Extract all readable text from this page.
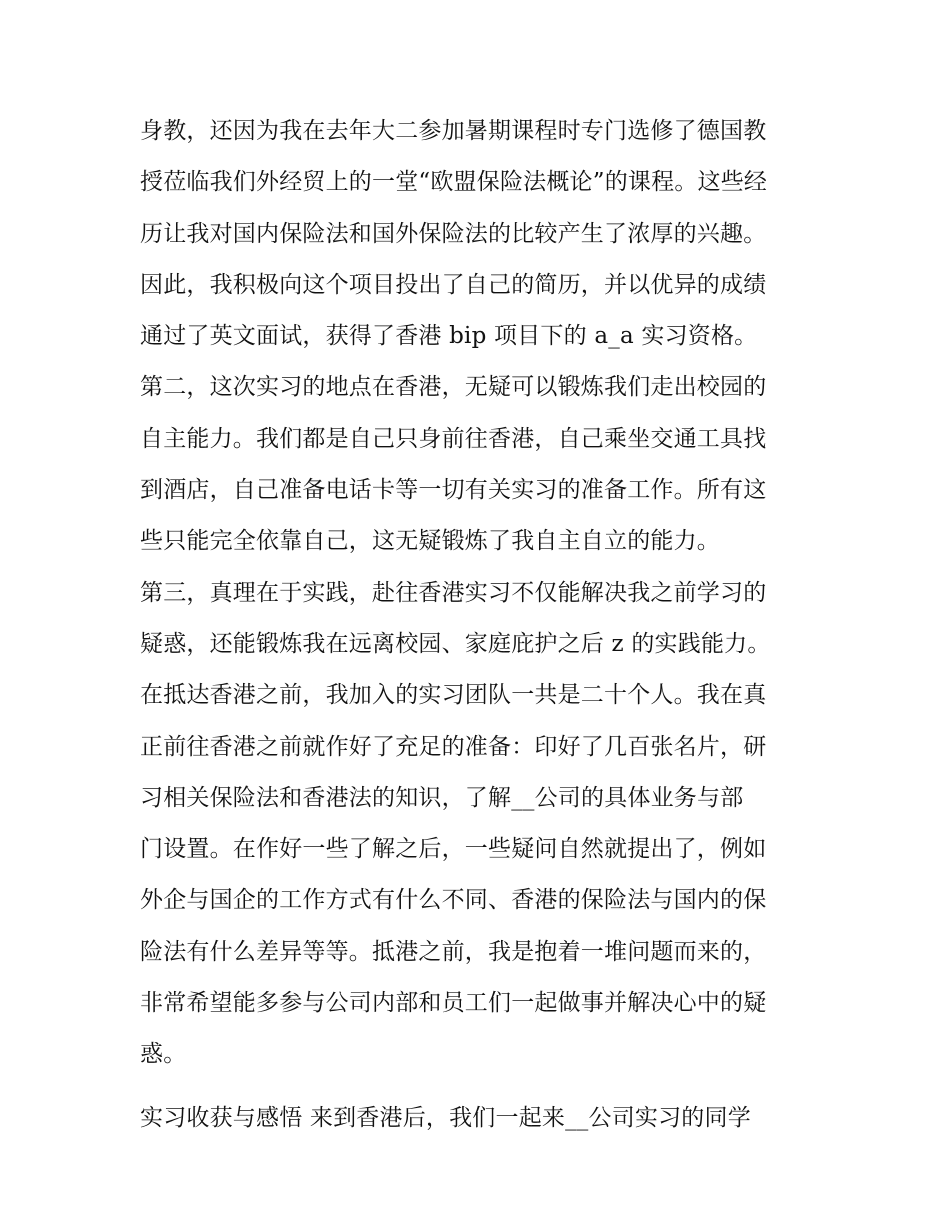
身教，还因为我在去年大二参加暑期课程时专门选修了德国教
授莅临我们外经贸上的一堂“欧盟保险法概论”的课程。这些经
历让我对国内保险法和国外保险法的比较产生了浓厚的兴趣。
因此，我积极向这个项目投出了自己的简历，并以优异的成绩
通过了英文面试，获得了香港 bip 项目下的 a_a 实习资格。
第二，这次实习的地点在香港，无疑可以锻炼我们走出校园的
自主能力。我们都是自己只身前往香港，自己乘坐交通工具找
到酒店，自己准备电话卡等一切有关实习的准备工作。所有这
些只能完全依靠自己，这无疑锻炼了我自主自立的能力。
第三，真理在于实践，赴往香港实习不仅能解决我之前学习的
疑惑，还能锻炼我在远离校园、家庭庇护之后 z 的实践能力。
在抵达香港之前，我加入的实习团队一共是二十个人。我在真
正前往香港之前就作好了充足的准备：印好了几百张名片，研
习相关保险法和香港法的知识，了解__公司的具体业务与部
门设置。在作好一些了解之后，一些疑问自然就提出了，例如
外企与国企的工作方式有什么不同、香港的保险法与国内的保
险法有什么差异等等。抵港之前，我是抱着一堆问题而来的，
非常希望能多参与公司内部和员工们一起做事并解决心中的疑
惑。
实习收获与感悟 来到香港后，我们一起来__公司实习的同学
